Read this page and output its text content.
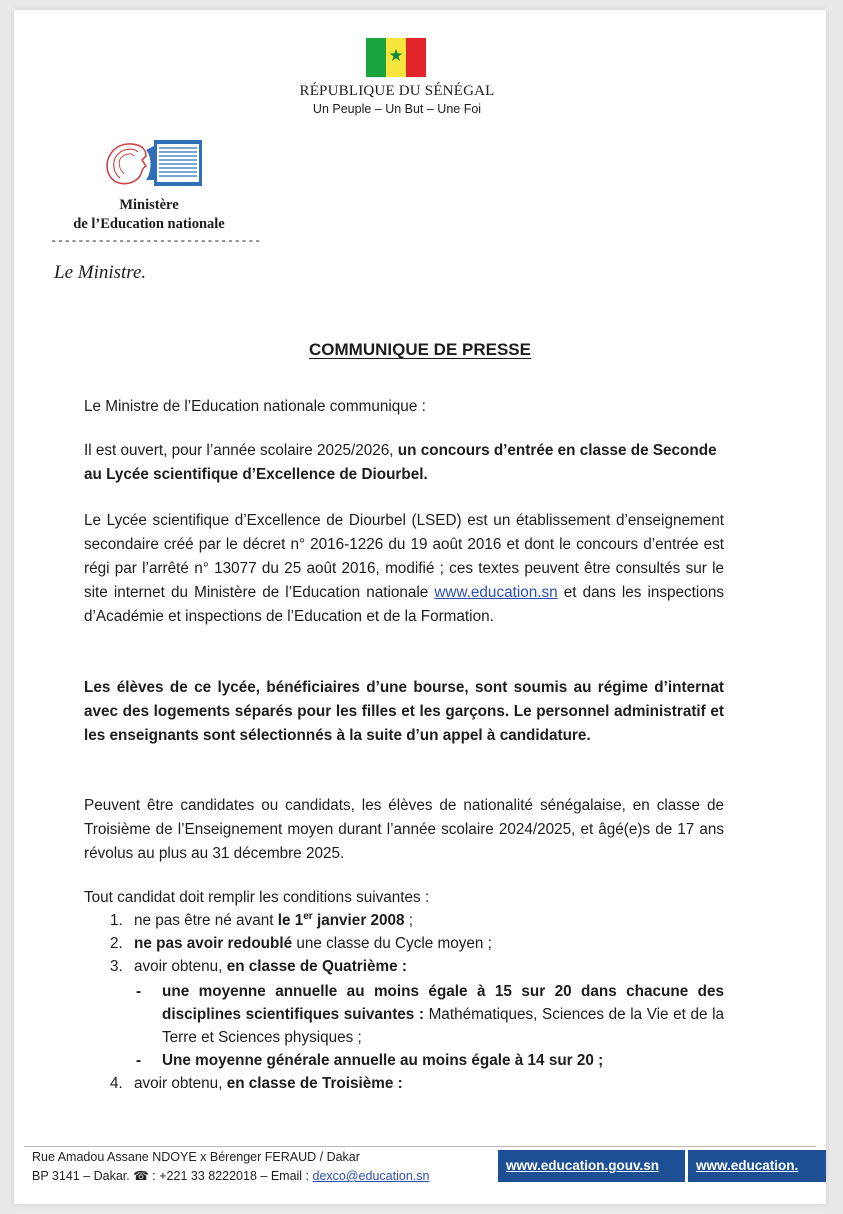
★
RÉPUBLIQUE DU SÉNÉGAL
Un Peuple – Un But – Une Foi
Ministère
de l’Education nationale
-------------------------------
Le Ministre.
COMMUNIQUE DE PRESSE
Le Ministre de l’Education nationale communique :
Il est ouvert, pour l’année scolaire 2025/2026, un concours d’entrée en classe de Seconde au Lycée scientifique d’Excellence de Diourbel.
Le Lycée scientifique d’Excellence de Diourbel (LSED) est un établissement d’enseignement secondaire créé par le décret n° 2016-1226 du 19 août 2016 et dont le concours d’entrée est régi par l’arrêté n° 13077 du 25 août 2016, modifié ; ces textes peuvent être consultés sur le site internet du Ministère de l’Education nationale www.education.sn et dans les inspections d’Académie et inspections de l’Education et de la Formation.
Les élèves de ce lycée, bénéficiaires d’une bourse, sont soumis au régime d’internat avec des logements séparés pour les filles et les garçons. Le personnel administratif et les enseignants sont sélectionnés à la suite d’un appel à candidature.
Peuvent être candidates ou candidats, les élèves de nationalité sénégalaise, en classe de Troisième de l’Enseignement moyen durant l’année scolaire 2024/2025, et âgé(e)s de 17 ans révolus au plus au 31 décembre 2025.
Tout candidat doit remplir les conditions suivantes :
1. ne pas être né avant le 1er janvier 2008 ;
2. ne pas avoir redoublé une classe du Cycle moyen ;
3. avoir obtenu, en classe de Quatrième :
- une moyenne annuelle au moins égale à 15 sur 20 dans chacune des disciplines scientifiques suivantes : Mathématiques, Sciences de la Vie et de la Terre et Sciences physiques ;
- Une moyenne générale annuelle au moins égale à 14 sur 20 ;
4. avoir obtenu, en classe de Troisième :
Rue Amadou Assane NDOYE x Bérenger FERAUD / Dakar
BP 3141 – Dakar. ☎ : +221 33 8222018 – Email : dexco@education.sn
www.education.gouv.sn	www.education.
